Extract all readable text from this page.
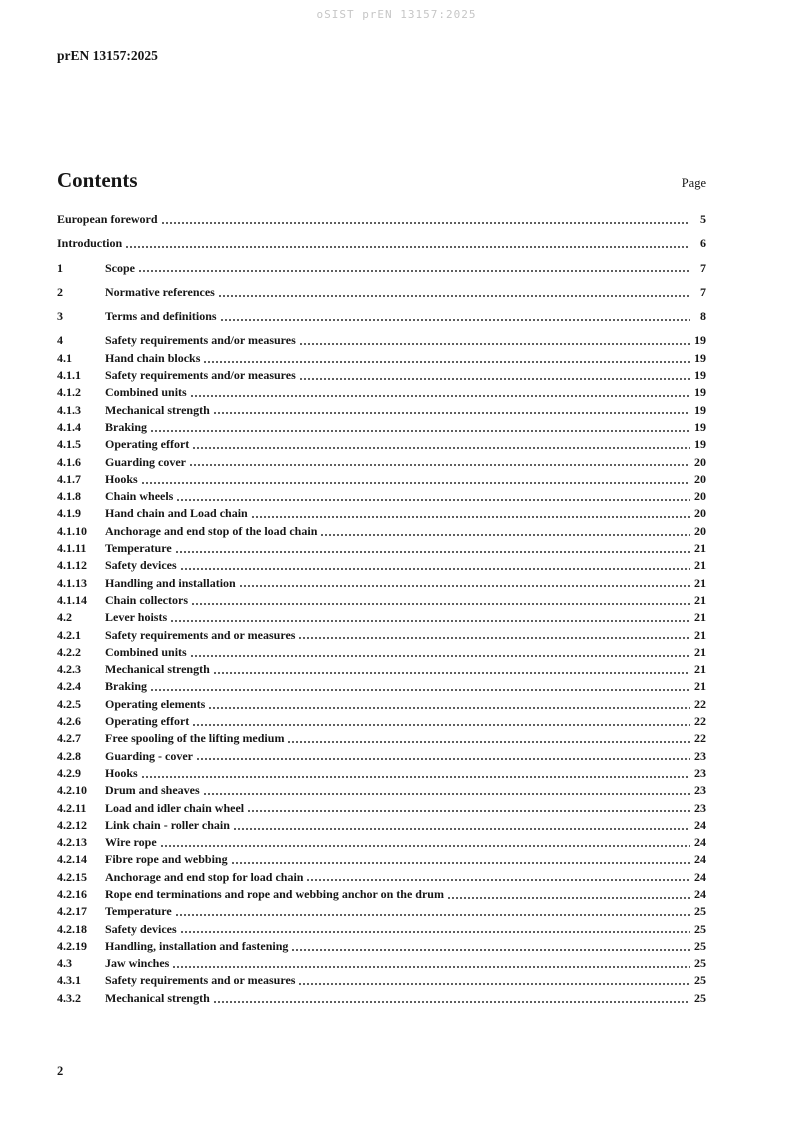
oSIST prEN 13157:2025
prEN 13157:2025
Contents	Page
European foreword	5
Introduction	6
1	Scope	7
2	Normative references	7
3	Terms and definitions	8
4	Safety requirements and/or measures	19
4.1	Hand chain blocks	19
4.1.1	Safety requirements and/or measures	19
4.1.2	Combined units	19
4.1.3	Mechanical strength	19
4.1.4	Braking	19
4.1.5	Operating effort	19
4.1.6	Guarding cover	20
4.1.7	Hooks	20
4.1.8	Chain wheels	20
4.1.9	Hand chain and Load chain	20
4.1.10	Anchorage and end stop of the load chain	20
4.1.11	Temperature	21
4.1.12	Safety devices	21
4.1.13	Handling and installation	21
4.1.14	Chain collectors	21
4.2	Lever hoists	21
4.2.1	Safety requirements and or measures	21
4.2.2	Combined units	21
4.2.3	Mechanical strength	21
4.2.4	Braking	21
4.2.5	Operating elements	22
4.2.6	Operating effort	22
4.2.7	Free spooling of the lifting medium	22
4.2.8	Guarding - cover	23
4.2.9	Hooks	23
4.2.10	Drum and sheaves	23
4.2.11	Load and idler chain wheel	23
4.2.12	Link chain - roller chain	24
4.2.13	Wire rope	24
4.2.14	Fibre rope and webbing	24
4.2.15	Anchorage and end stop for load chain	24
4.2.16	Rope end terminations and rope and webbing anchor on the drum	24
4.2.17	Temperature	25
4.2.18	Safety devices	25
4.2.19	Handling, installation and fastening	25
4.3	Jaw winches	25
4.3.1	Safety requirements and or measures	25
4.3.2	Mechanical strength	25
2
